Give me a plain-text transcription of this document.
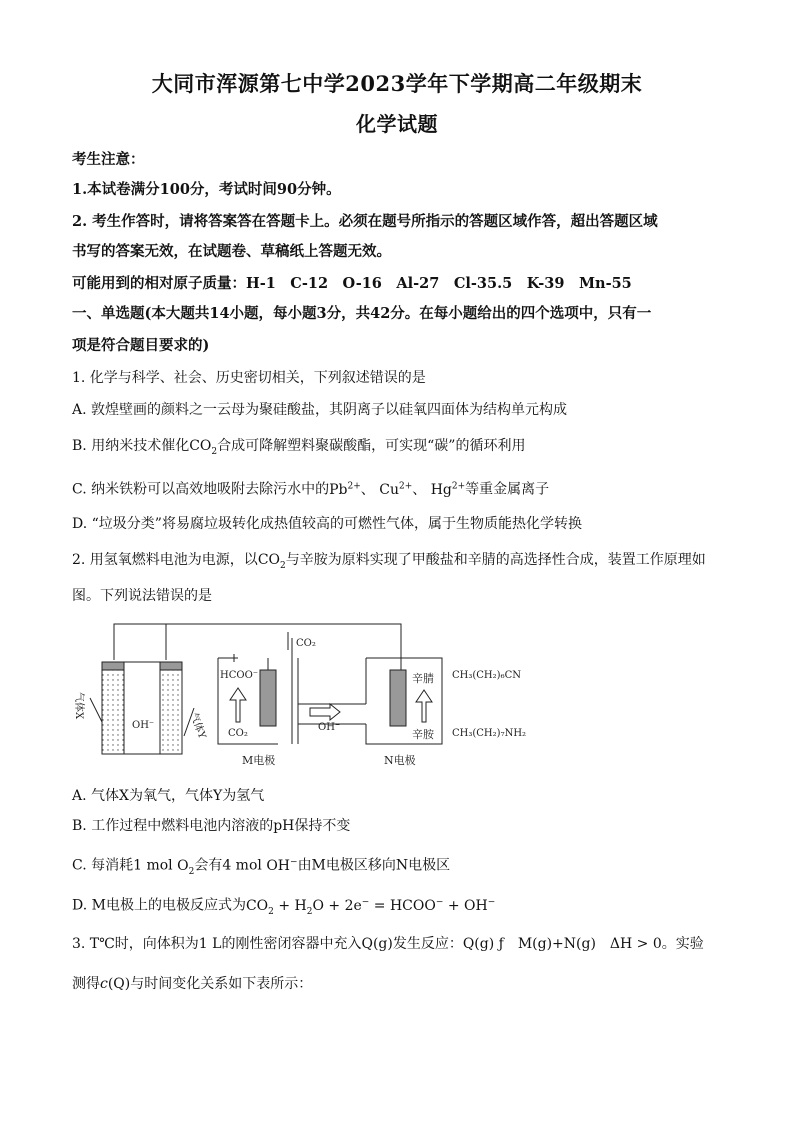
大同市浑源第七中学2023学年下学期高二年级期末
化学试题
考生注意：
1.本试卷满分100分，考试时间90分钟。
2. 考生作答时，请将答案答在答题卡上。必须在题号所指示的答题区域作答，超出答题区域
书写的答案无效，在试题卷、草稿纸上答题无效。
可能用到的相对原子质量：H-1　C-12　O-16　Al-27　Cl-35.5　K-39　Mn-55
一、单选题(本大题共14小题，每小题3分，共42分。在每小题给出的四个选项中，只有一
项是符合题目要求的)
1. 化学与科学、社会、历史密切相关，下列叙述错误的是
A. 敦煌壁画的颜料之一云母为聚硅酸盐，其阴离子以硅氧四面体为结构单元构成
B. 用纳米技术催化$CO_2$合成可降解塑料聚碳酸酯，可实现“碳”的循环利用
C. 纳米铁粉可以高效地吸附去除污水中的$Pb^{2+}$、 $Cu^{2+}$、 $Hg^{2+}$等重金属离子
D. “垃圾分类”将易腐垃圾转化成热值较高的可燃性气体，属于生物质能热化学转换
2. 用氢氧燃料电池为电源，以$CO_2$与辛胺为原料实现了甲酸盐和辛腈的高选择性合成，装置工作原理如
图。下列说法错误的是
OH⁻
气体X
气体Y
CO₂
HCOO⁻
CO₂
OH⁻
辛腈
辛胺
CH₃(CH₂)₆CN
CH₃(CH₂)₇NH₂
M电极	N电极
A. 气体X为氧气，气体Y为氢气
B. 工作过程中燃料电池内溶液的pH保持不变
C. 每消耗1 mol $O_2$会有4 mol OH−由M电极区移向N电极区
D. M电极上的电极反应式为$CO_2 + H_2O + 2e^-$ = HCOO− + OH−
3. T℃时，向体积为1 L的刚性密闭容器中充入Q(g)发生反应：Q(g) ƒ　M(g)+N(g)　ΔH > 0。实验
测得c(Q)与时间变化关系如下表所示：
